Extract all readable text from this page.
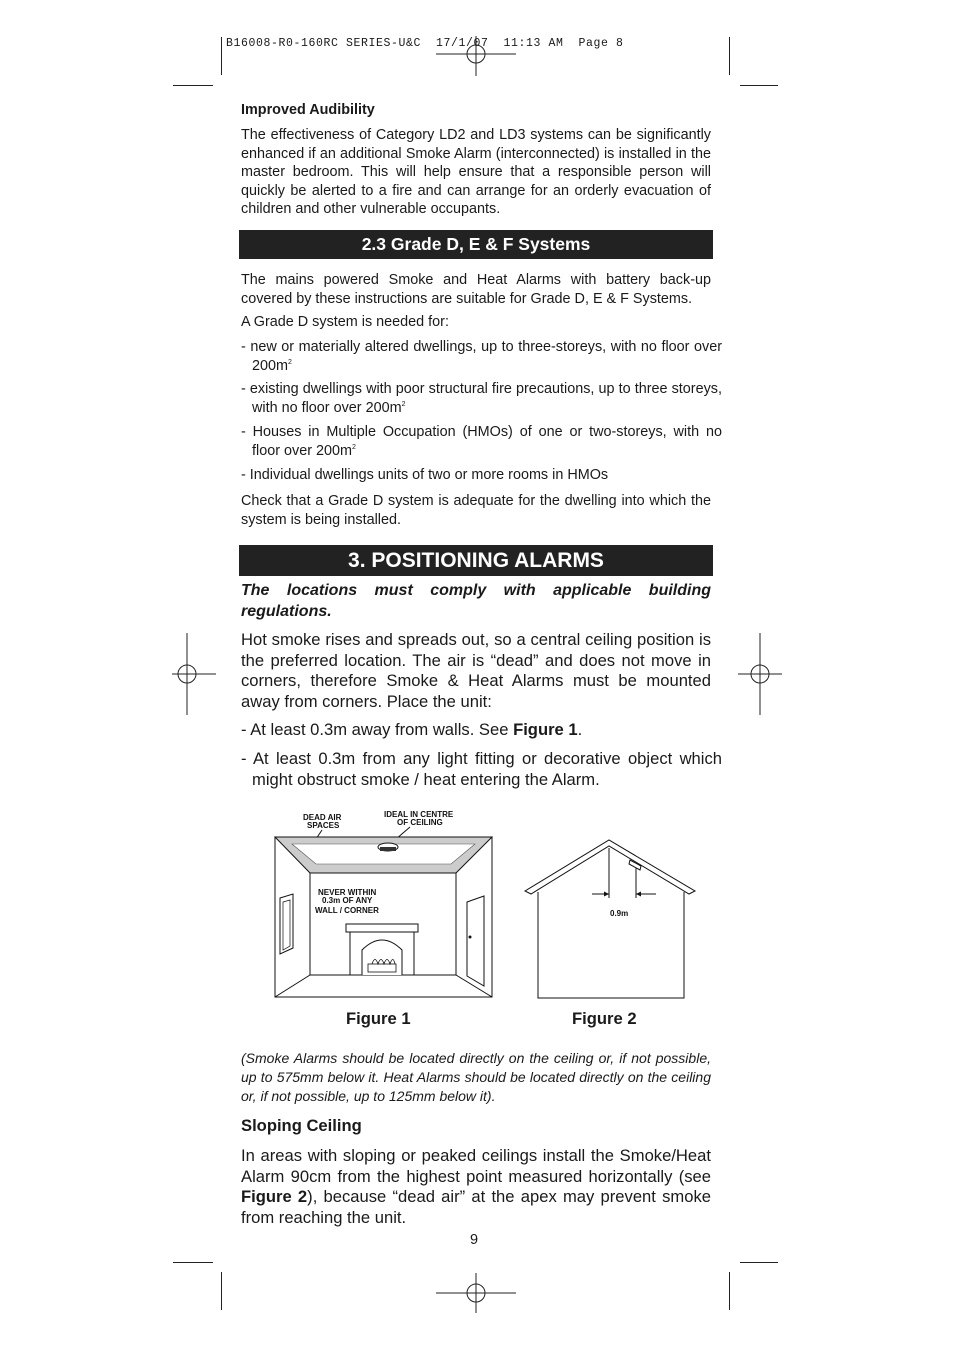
B16008-R0-160RC SERIES-U&C  17/1/07  11:13 AM  Page 8
Improved Audibility
The effectiveness of Category LD2 and LD3 systems can be significantly enhanced if an additional Smoke Alarm (interconnected) is installed in the master bedroom. This will help ensure that a responsible person will quickly be alerted to a fire and can arrange for an orderly evacuation of children and other vulnerable occupants.
2.3 Grade D, E & F Systems
The mains powered Smoke and Heat Alarms with battery back-up covered by these instructions are suitable for Grade D, E & F Systems.
A Grade D system is needed for:
- new or materially altered dwellings, up to three-storeys, with no floor over $200m^2$
- existing dwellings with poor structural fire precautions, up to three storeys, with no floor over $200m^2$
- Houses in Multiple Occupation (HMOs) of one or two-storeys, with no floor over $200m^2$
- Individual dwellings units of two or more rooms in HMOs
Check that a Grade D system is adequate for the dwelling into which the system is being installed.
3. POSITIONING ALARMS
The locations must comply with applicable building regulations.
Hot smoke rises and spreads out, so a central ceiling position is the preferred location. The air is “dead” and does not move in corners, therefore Smoke & Heat Alarms must be mounted away from corners. Place the unit:
- At least 0.3m away from walls. See Figure 1.
- At least 0.3m from any light fitting or decorative object which might obstruct smoke / heat entering the Alarm.
DEAD AIR
SPACES
IDEAL IN CENTRE
OF CEILING
NEVER WITHIN
0.3m OF ANY
WALL / CORNER	0.9m
Figure 1	Figure 2
(Smoke Alarms should be located directly on the ceiling or, if not possible, up to 575mm below it. Heat Alarms should be located directly on the ceiling or, if not possible, up to 125mm below it).
Sloping Ceiling
In areas with sloping or peaked ceilings install the Smoke/Heat Alarm 90cm from the highest point measured horizontally (see Figure 2), because “dead air” at the apex may prevent smoke from reaching the unit.
9
